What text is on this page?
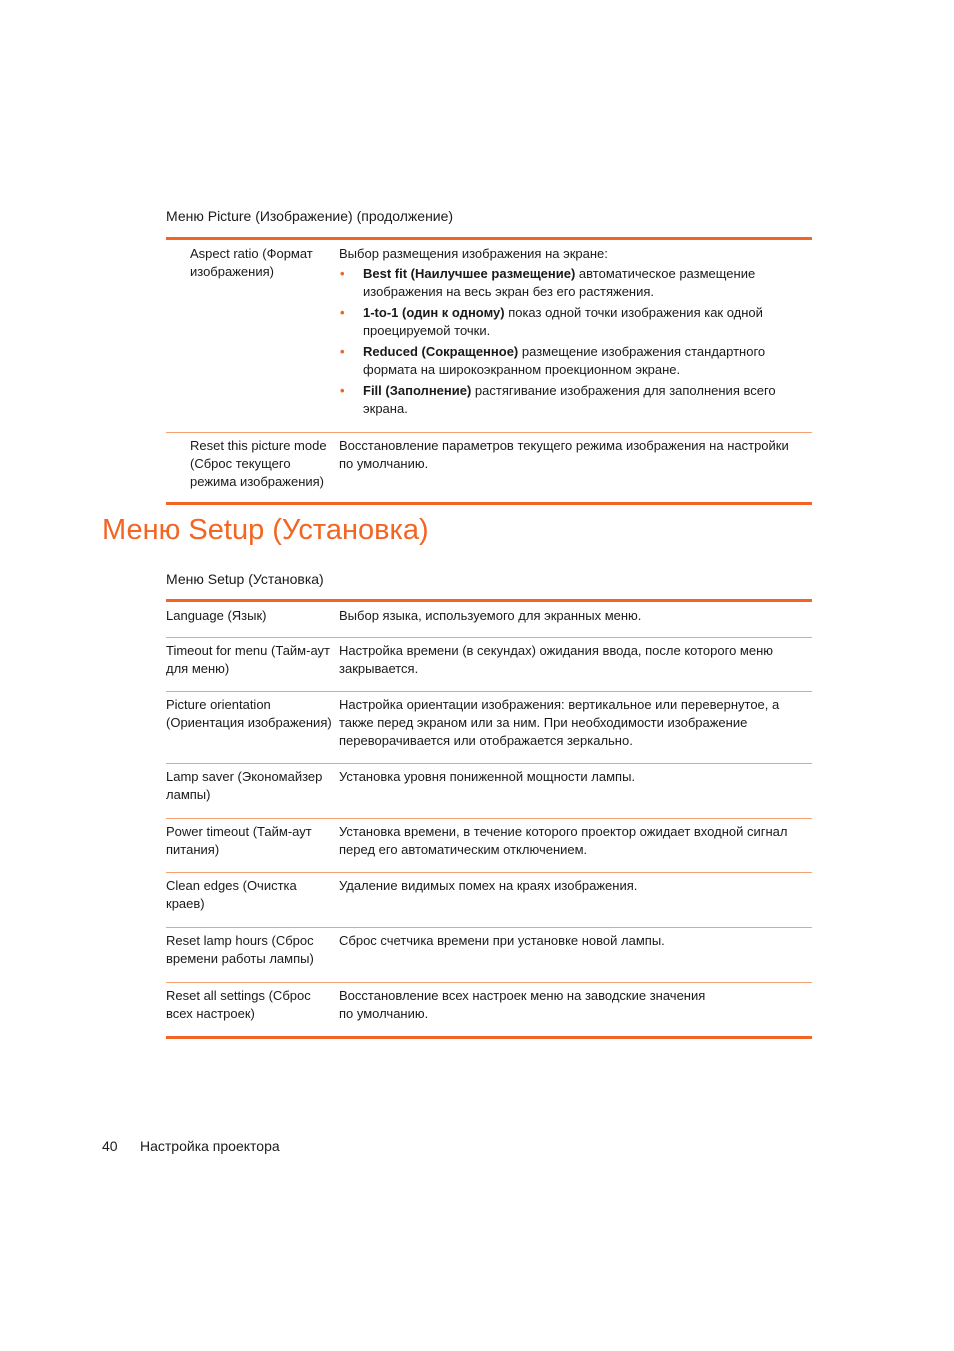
Меню Picture (Изображение) (продолжение)
Aspect ratio (Формат изображения)
Выбор размещения изображения на экране:
• Best fit (Наилучшее размещение) автоматическое размещение изображения на весь экран без его растяжения.
• 1-to-1 (один к одному) показ одной точки изображения как одной проецируемой точки.
• Reduced (Сокращенное) размещение изображения стандартного формата на широкоэкранном проекционном экране.
• Fill (Заполнение) растягивание изображения для заполнения всего экрана.
Reset this picture mode (Сброс текущего режима изображения)
Восстановление параметров текущего режима изображения на настройки по умолчанию.
Меню Setup (Установка)
Меню Setup (Установка)
Language (Язык)	Выбор языка, используемого для экранных меню.
Timeout for menu (Тайм-аут для меню)
Настройка времени (в секундах) ожидания ввода, после которого меню закрывается.
Picture orientation (Ориентация изображения)
Настройка ориентации изображения: вертикальное или перевернутое, а также перед экраном или за ним. При необходимости изображение переворачивается или отображается зеркально.
Lamp saver (Экономайзер лампы)
Установка уровня пониженной мощности лампы.
Power timeout (Тайм-аут питания)
Установка времени, в течение которого проектор ожидает входной сигнал перед его автоматическим отключением.
Clean edges (Очистка краев)
Удаление видимых помех на краях изображения.
Reset lamp hours (Сброс времени работы лампы)
Сброс счетчика времени при установке новой лампы.
Reset all settings (Сброс всех настроек)
Восстановление всех настроек меню на заводские значения по умолчанию.
40 Настройка проектора
